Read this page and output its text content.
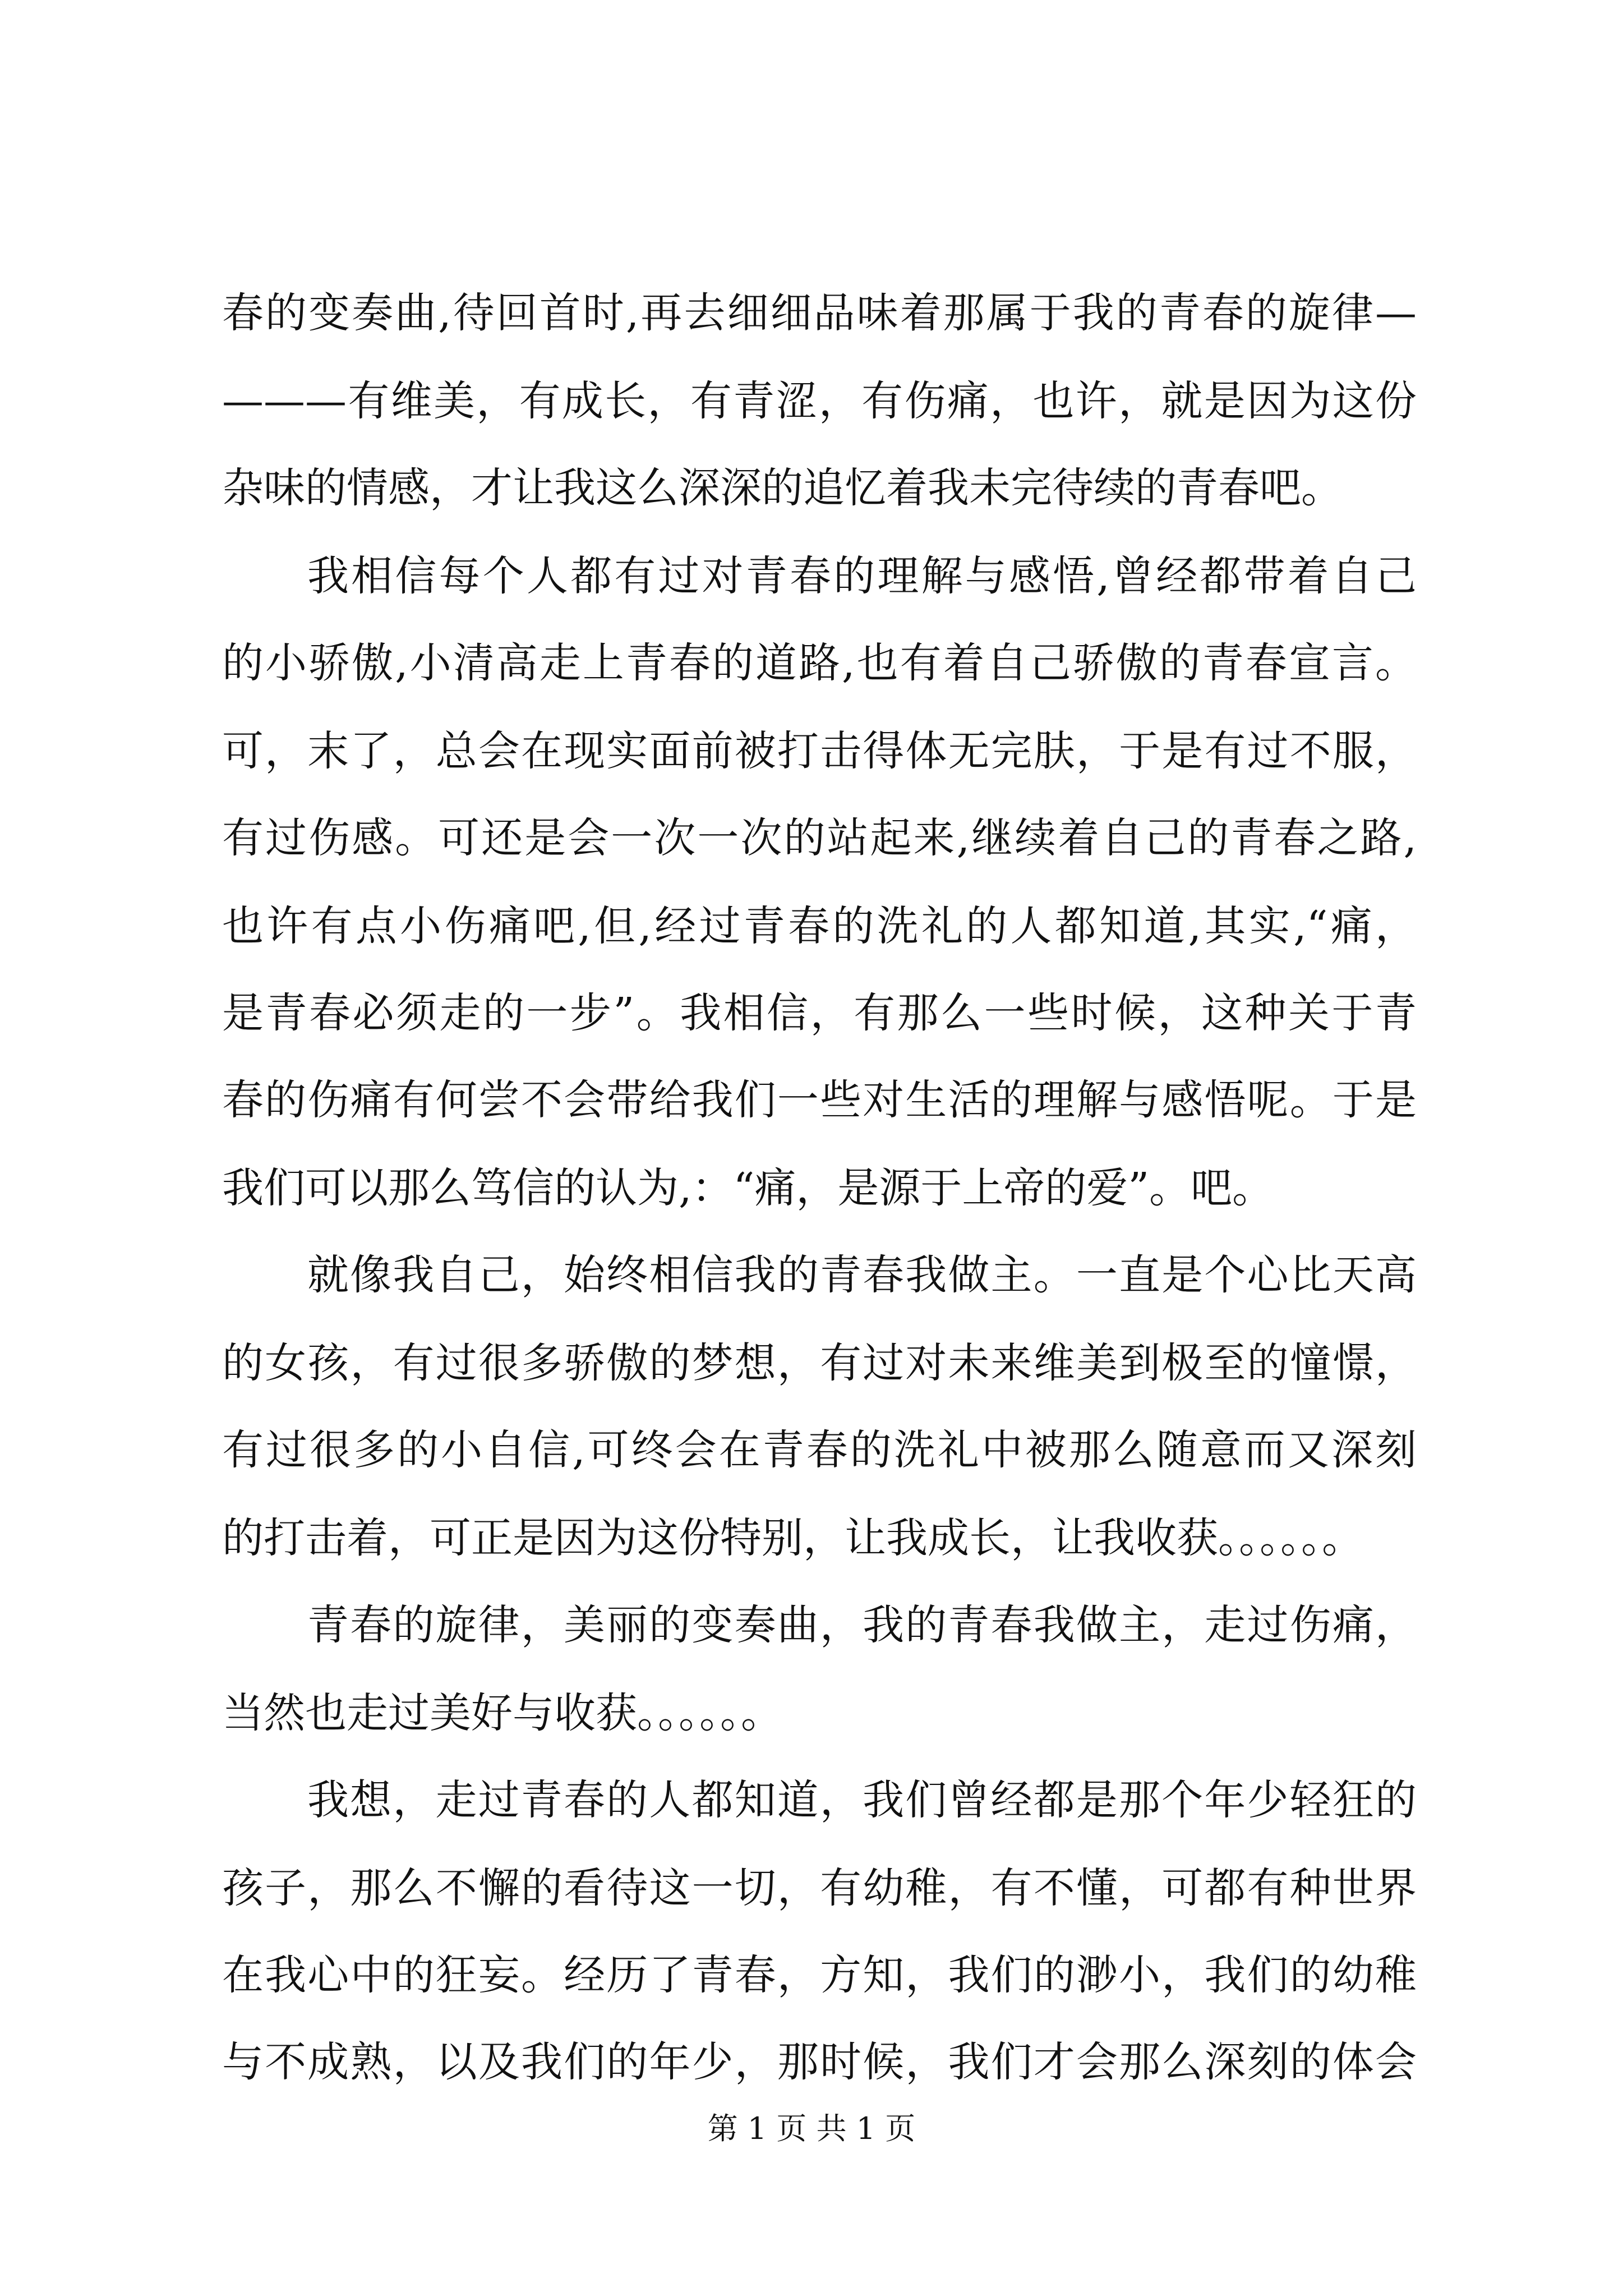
春的变奏曲,待回首时,再去细细品味着那属于我的青春的旋律—
———有维美，有成长，有青涩，有伤痛，也许，就是因为这份
杂味的情感，才让我这么深深的追忆着我未完待续的青春吧。
我相信每个人都有过对青春的理解与感悟,曾经都带着自己
的小骄傲,小清高走上青春的道路,也有着自己骄傲的青春宣言。
可，末了，总会在现实面前被打击得体无完肤，于是有过不服，
有过伤感。可还是会一次一次的站起来,继续着自己的青春之路,
也许有点小伤痛吧,但,经过青春的洗礼的人都知道,其实,“痛，
是青春必须走的一步”。我相信，有那么一些时候，这种关于青
春的伤痛有何尝不会带给我们一些对生活的理解与感悟呢。于是
我们可以那么笃信的认为,：“痛，是源于上帝的爱”。吧。
就像我自己，始终相信我的青春我做主。一直是个心比天高
的女孩，有过很多骄傲的梦想，有过对未来维美到极至的憧憬，
有过很多的小自信,可终会在青春的洗礼中被那么随意而又深刻
的打击着，可正是因为这份特别，让我成长，让我收获。。。。。。
青春的旋律，美丽的变奏曲，我的青春我做主，走过伤痛，
当然也走过美好与收获。。。。。。
我想，走过青春的人都知道，我们曾经都是那个年少轻狂的
孩子，那么不懈的看待这一切，有幼稚，有不懂，可都有种世界
在我心中的狂妄。经历了青春，方知，我们的渺小，我们的幼稚
与不成熟，以及我们的年少，那时候，我们才会那么深刻的体会
第 1 页 共 1 页
